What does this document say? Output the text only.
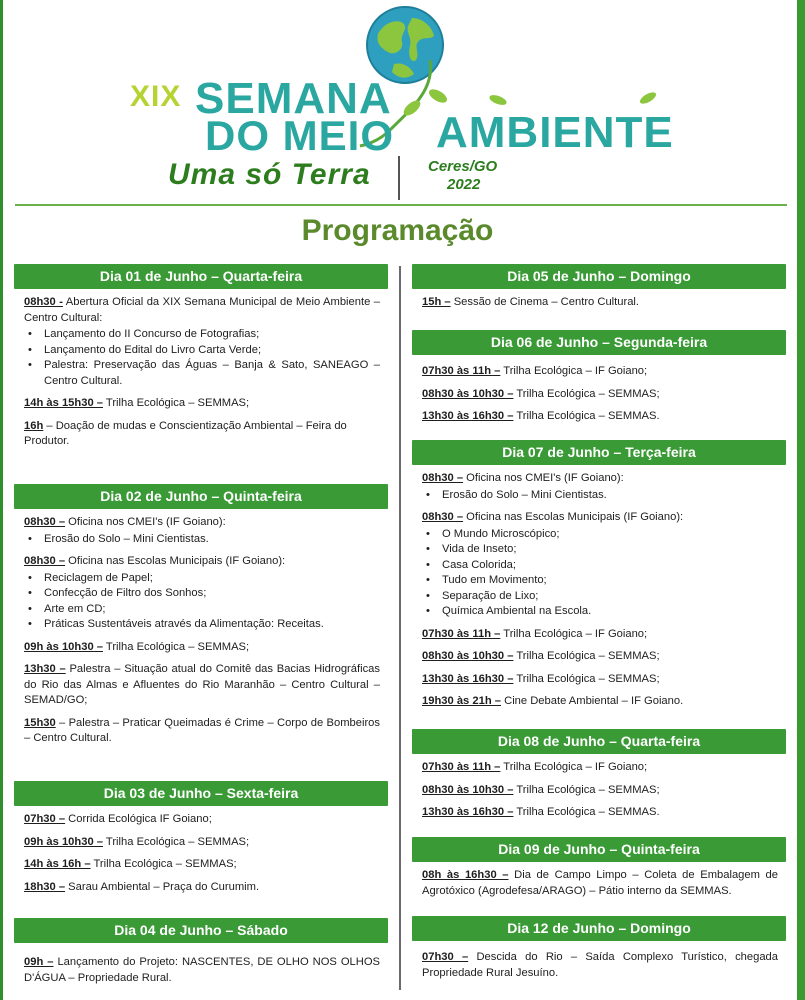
XIX SEMANA
DO MEIO AMBIENTE
Uma só Terra	Ceres/GO
2022
Programação
Dia 01 de Junho – Quarta-feira
08h30 - Abertura Oficial da XIX Semana Municipal de Meio Ambiente – Centro Cultural:
• Lançamento do II Concurso de Fotografias;
• Lançamento do Edital do Livro Carta Verde;
• Palestra: Preservação das Águas – Banja & Sato, SANEAGO – Centro Cultural.
14h às 15h30 – Trilha Ecológica – SEMMAS;
16h – Doação de mudas e Conscientização Ambiental – Feira do Produtor.
Dia 02 de Junho – Quinta-feira
08h30 – Oficina nos CMEI's (IF Goiano):
• Erosão do Solo – Mini Cientistas.
08h30 – Oficina nas Escolas Municipais (IF Goiano):
• Reciclagem de Papel;
• Confecção de Filtro dos Sonhos;
• Arte em CD;
• Práticas Sustentáveis através da Alimentação: Receitas.
09h às 10h30 – Trilha Ecológica – SEMMAS;
13h30 – Palestra – Situação atual do Comitê das Bacias Hidrográficas do Rio das Almas e Afluentes do Rio Maranhão – Centro Cultural – SEMAD/GO;
15h30 – Palestra – Praticar Queimadas é Crime – Corpo de Bombeiros – Centro Cultural.
Dia 03 de Junho – Sexta-feira
07h30 – Corrida Ecológica IF Goiano;
09h às 10h30 – Trilha Ecológica – SEMMAS;
14h às 16h – Trilha Ecológica – SEMMAS;
18h30 – Sarau Ambiental – Praça do Curumim.
Dia 04 de Junho – Sábado
09h – Lançamento do Projeto: NASCENTES, DE OLHO NOS OLHOS D'ÁGUA – Propriedade Rural.
Dia 05 de Junho – Domingo
15h – Sessão de Cinema – Centro Cultural.
Dia 06 de Junho – Segunda-feira
07h30 às 11h – Trilha Ecológica – IF Goiano;
08h30 às 10h30 – Trilha Ecológica – SEMMAS;
13h30 às 16h30 – Trilha Ecológica – SEMMAS.
Dia 07 de Junho – Terça-feira
08h30 – Oficina nos CMEI's (IF Goiano):
• Erosão do Solo – Mini Cientistas.
08h30 – Oficina nas Escolas Municipais (IF Goiano):
• O Mundo Microscópico;
• Vida de Inseto;
• Casa Colorida;
• Tudo em Movimento;
• Separação de Lixo;
• Química Ambiental na Escola.
07h30 às 11h – Trilha Ecológica – IF Goiano;
08h30 às 10h30 – Trilha Ecológica – SEMMAS;
13h30 às 16h30 – Trilha Ecológica – SEMMAS;
19h30 às 21h – Cine Debate Ambiental – IF Goiano.
Dia 08 de Junho – Quarta-feira
07h30 às 11h – Trilha Ecológica – IF Goiano;
08h30 às 10h30 – Trilha Ecológica – SEMMAS;
13h30 às 16h30 – Trilha Ecológica – SEMMAS.
Dia 09 de Junho – Quinta-feira
08h às 16h30 – Dia de Campo Limpo – Coleta de Embalagem de Agrotóxico (Agrodefesa/ARAGO) – Pátio interno da SEMMAS.
Dia 12 de Junho – Domingo
07h30 – Descida do Rio – Saída Complexo Turístico, chegada Propriedade Rural Jesuíno.
